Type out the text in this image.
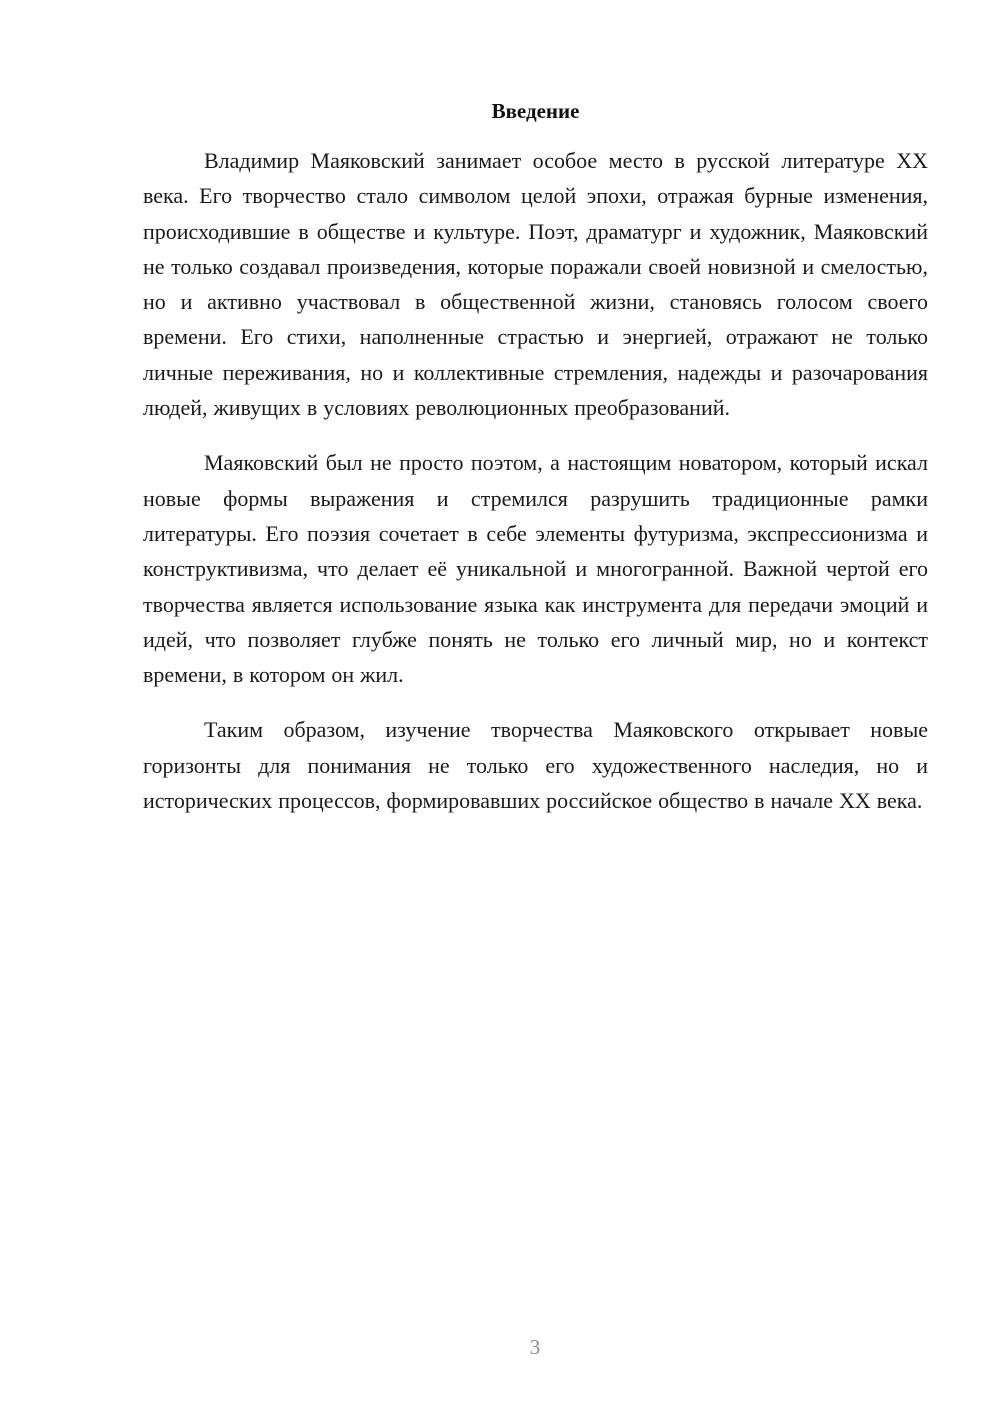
Введение

Владимир Маяковский занимает особое место в русской литературе XX века. Его творчество стало символом целой эпохи, отражая бурные изменения, происходившие в обществе и культуре. Поэт, драматург и художник, Маяковский не только создавал произведения, которые поражали своей новизной и смелостью, но и активно участвовал в общественной жизни, становясь голосом своего времени. Его стихи, наполненные страстью и энергией, отражают не только личные переживания, но и коллективные стремления, надежды и разочарования людей, живущих в условиях революционных преобразований.

Маяковский был не просто поэтом, а настоящим новатором, который искал новые формы выражения и стремился разрушить традиционные рамки литературы. Его поэзия сочетает в себе элементы футуризма, экспрессионизма и конструктивизма, что делает её уникальной и многогранной. Важной чертой его творчества является использование языка как инструмента для передачи эмоций и идей, что позволяет глубже понять не только его личный мир, но и контекст времени, в котором он жил.

Таким образом, изучение творчества Маяковского открывает новые горизонты для понимания не только его художественного наследия, но и исторических процессов, формировавших российское общество в начале XX века.

3
